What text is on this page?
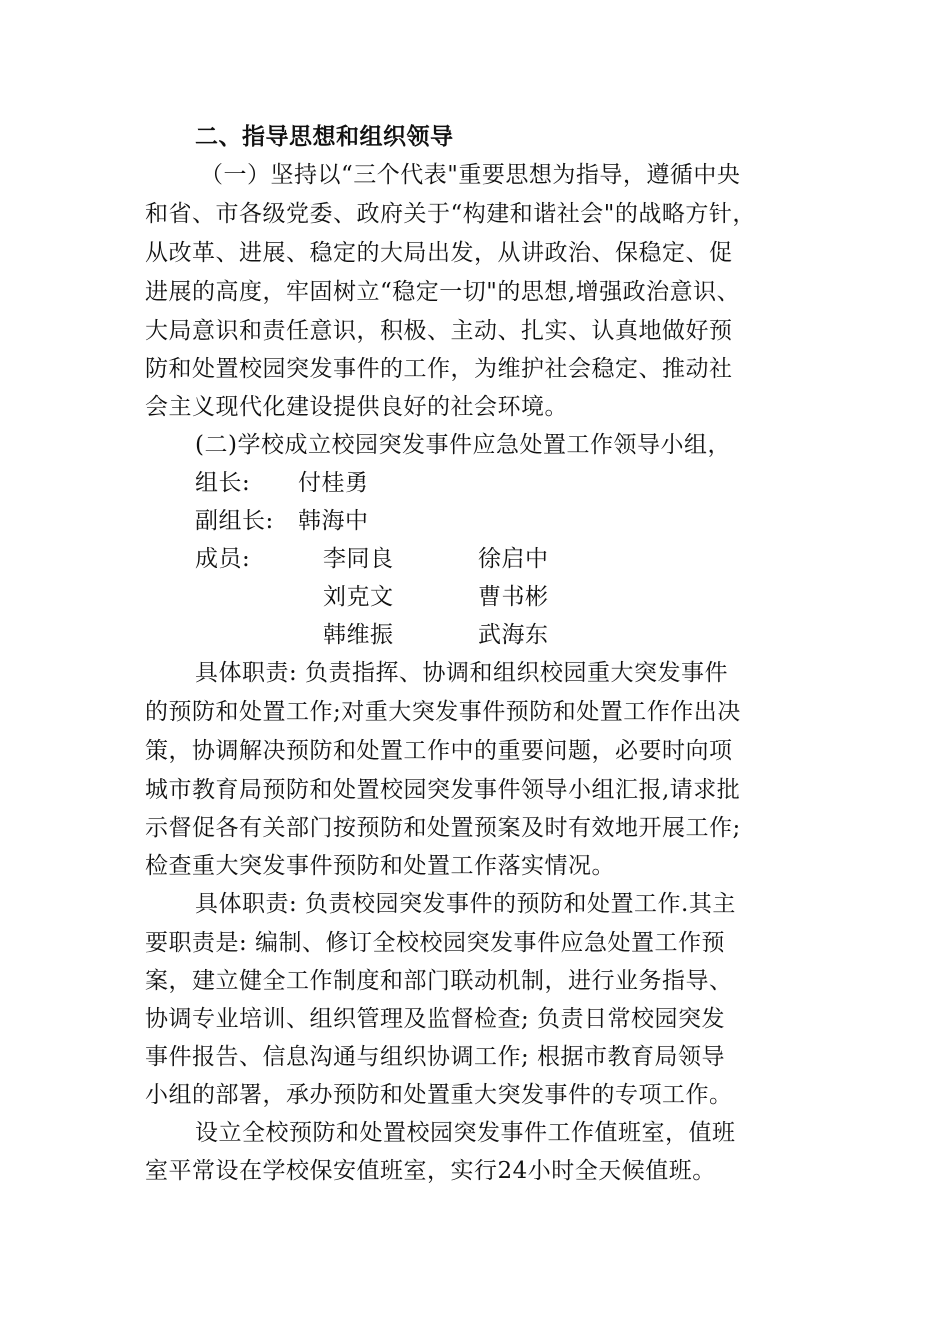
二、指导思想和组织领导
（一）坚持以“三个代表"重要思想为指导，遵循中央
和省、市各级党委、政府关于“构建和谐社会"的战略方针，
从改革、进展、稳定的大局出发，从讲政治、保稳定、促
进展的高度，牢固树立“稳定一切"的思想,增强政治意识、
大局意识和责任意识，积极、主动、扎实、认真地做好预
防和处置校园突发事件的工作，为维护社会稳定、推动社
会主义现代化建设提供良好的社会环境。
(二)学校成立校园突发事件应急处置工作领导小组，
组长: 付桂勇
副组长: 韩海中
成员:	李同良	徐启中
刘克文	曹书彬
韩维振	武海东
具体职责: 负责指挥、协调和组织校园重大突发事件
的预防和处置工作;对重大突发事件预防和处置工作作出决
策，协调解决预防和处置工作中的重要问题，必要时向项
城市教育局预防和处置校园突发事件领导小组汇报,请求批
示督促各有关部门按预防和处置预案及时有效地开展工作;
检查重大突发事件预防和处置工作落实情况。
具体职责: 负责校园突发事件的预防和处置工作.其主
要职责是: 编制、修订全校校园突发事件应急处置工作预
案，建立健全工作制度和部门联动机制，进行业务指导、
协调专业培训、组织管理及监督检查; 负责日常校园突发
事件报告、信息沟通与组织协调工作; 根据市教育局领导
小组的部署，承办预防和处置重大突发事件的专项工作。
设立全校预防和处置校园突发事件工作值班室，值班
室平常设在学校保安值班室，实行24小时全天候值班。
